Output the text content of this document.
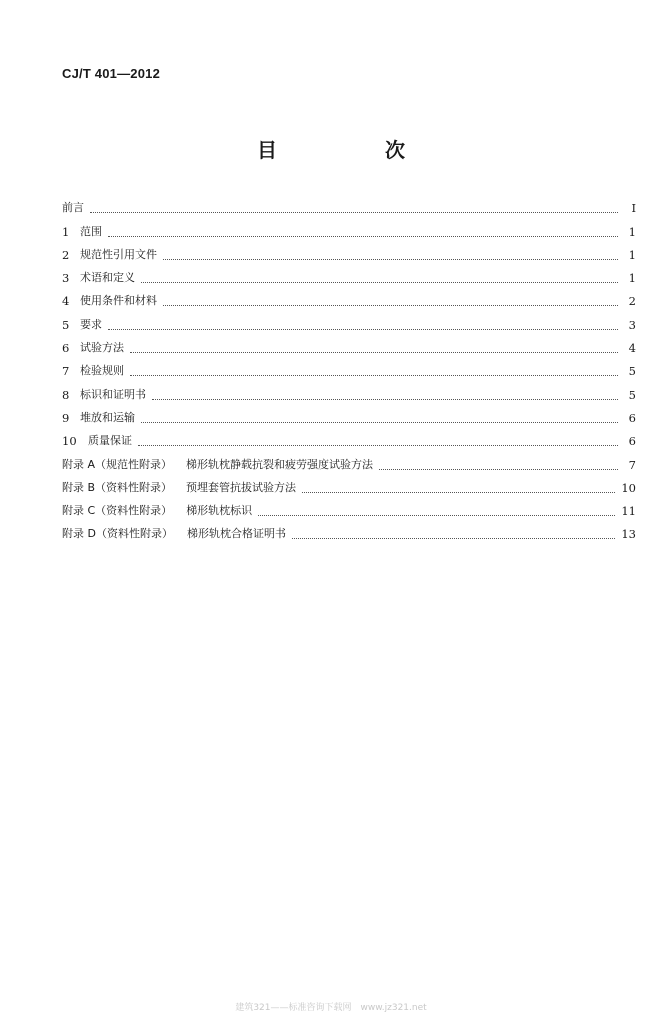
CJ/T 401—2012
目　次
前言	I
1 范围	1
2 规范性引用文件	1
3 术语和定义	1
4 使用条件和材料	2
5 要求	3
6 试验方法	4
7 检验规则	5
8 标识和证明书	5
9 堆放和运输	6
10	质量保证	6
附录 A（规范性附录） 梯形轨枕静载抗裂和疲劳强度试验方法	7
附录 B（资料性附录） 预埋套管抗拔试验方法	10
附录 C（资料性附录） 梯形轨枕标识	11
附录 D（资料性附录） 梯形轨枕合格证明书	13
建筑321——标准咨询下载网　www.jz321.net
